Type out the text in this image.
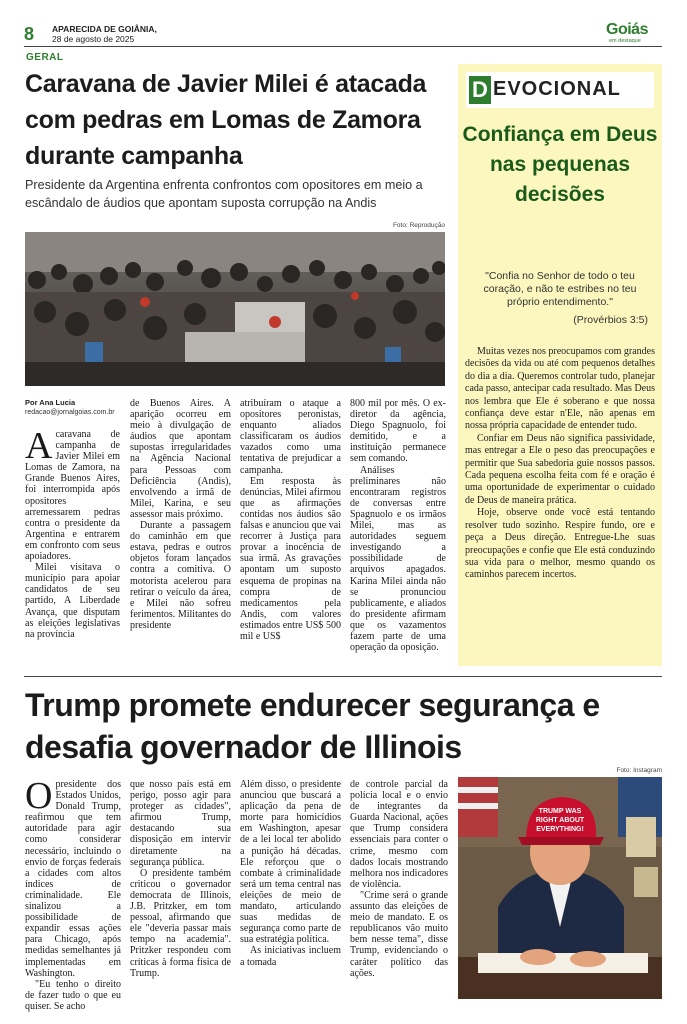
8 APARECIDA DE GOIÂNIA,
28 de agosto de 2025
Goiás
em destaque
GERAL
Caravana de Javier Milei é atacada com pedras em Lomas de Zamora durante campanha
Presidente da Argentina enfrenta confrontos com opositores em meio a escândalo de áudios que apontam suposta corrupção na Andis
Foto: Reprodução
Por Ana Lucia
redacao@jornalgoias.com.br

Acaravana de campanha de Javier Milei em Lomas de Zamora, na Grande Buenos Aires, foi interrompida após opositores arremessarem pedras contra o presidente da Argentina e entrarem em confronto com seus apoiadores.

Milei visitava o município para apoiar candidatos de seu partido, A Liberdade Avança, que disputam as eleições legislativas na província

de Buenos Aires. A aparição ocorreu em meio à divulgação de áudios que apontam supostas irregularidades na Agência Nacional para Pessoas com Deficiência (Andis), envolvendo a irmã de Milei, Karina, e seu assessor mais próximo.

Durante a passagem do caminhão em que estava, pedras e outros objetos foram lançados contra a comitiva. O motorista acelerou para retirar o veículo da área, e Milei não sofreu ferimentos. Militantes do presidente

atribuíram o ataque a opositores peronistas, enquanto aliados classificaram os áudios vazados como uma tentativa de prejudicar a campanha.

Em resposta às denúncias, Milei afirmou que as afirmações contidas nos áudios são falsas e anunciou que vai recorrer à Justiça para provar a inocência de sua irmã. As gravações apontam um suposto esquema de propinas na compra de medicamentos pela Andis, com valores estimados entre US$ 500 mil e US$

800 mil por mês. O ex-diretor da agência, Diego Spagnuolo, foi demitido, e a instituição permanece sem comando.

Análises preliminares não encontraram registros de conversas entre Spagnuolo e os irmãos Milei, mas as autoridades seguem investigando a possibilidade de arquivos apagados. Karina Milei ainda não se pronunciou publicamente, e aliados do presidente afirmam que os vazamentos fazem parte de uma operação da oposição.

D EVOCIONAL
Confiança em Deus nas pequenas decisões
"Confia no Senhor de todo o teu coração, e não te estribes no teu próprio entendimento."
(Provérbios 3:5)

Muitas vezes nos preocupamos com grandes decisões da vida ou até com pequenos detalhes do dia a dia. Queremos controlar tudo, planejar cada passo, antecipar cada resultado. Mas Deus nos lembra que Ele é soberano e que nossa confiança deve estar n'Ele, não apenas em nossa própria capacidade de entender tudo.

Confiar em Deus não significa passividade, mas entregar a Ele o peso das preocupações e permitir que Sua sabedoria guie nossos passos. Cada pequena escolha feita com fé e oração é uma oportunidade de experimentar o cuidado de Deus de maneira prática.

Hoje, observe onde você está tentando resolver tudo sozinho. Respire fundo, ore e peça a Deus direção. Entregue-Lhe suas preocupações e confie que Ele está conduzindo sua vida para o melhor, mesmo quando os caminhos parecem incertos.

Trump promete endurecer segurança e desafia governador de Illinois
Foto: Instagram
TRUMP WAS
RIGHT ABOUT
EVERYTHING!

Opresidente dos Estados Unidos, Donald Trump, reafirmou que tem autoridade para agir como considerar necessário, incluindo o envio de forças federais a cidades com altos índices de criminalidade. Ele sinalizou a possibilidade de expandir essas ações para Chicago, após medidas semelhantes já implementadas em Washington.

"Eu tenho o direito de fazer tudo o que eu quiser. Se acho

que nosso país está em perigo, posso agir para proteger as cidades", afirmou Trump, destacando sua disposição em intervir diretamente na segurança pública.

O presidente também criticou o governador democrata de Illinois, J.B. Pritzker, em tom pessoal, afirmando que ele "deveria passar mais tempo na academia". Pritzker respondeu com críticas à forma física de Trump.

Além disso, o presidente anunciou que buscará a aplicação da pena de morte para homicídios em Washington, apesar de a lei local ter abolido a punição há décadas. Ele reforçou que o combate à criminalidade será um tema central nas eleições de meio de mandato, articulando suas medidas de segurança como parte de sua estratégia política.

As iniciativas incluem a tomada

de controle parcial da polícia local e o envio de integrantes da Guarda Nacional, ações que Trump considera essenciais para conter o crime, mesmo com dados locais mostrando melhora nos indicadores de violência.

"Crime será o grande assunto das eleições de meio de mandato. E os republicanos vão muito bem nesse tema", disse Trump, evidenciando o caráter político das ações.
